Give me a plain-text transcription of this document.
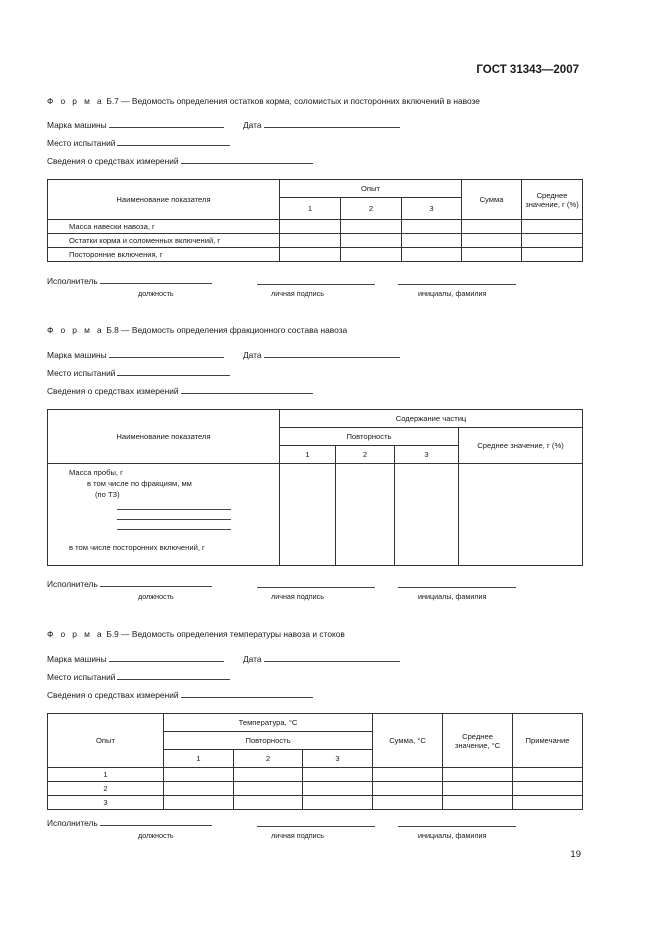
ГОСТ 31343—2007
Ф о р м а Б.7 — Ведомость определения остатков корма, соломистых и посторонних включений в навозе
Марка машины	Дата
Место испытаний
Сведения о средствах измерений
Наименование показателя	Опыт			Сумма	Среднее значение, г (%)
	1	2	3		
Масса навески навоза, г					
Остатки корма и соломенных включений, г					
Посторонние включения, г					
Исполнитель
должность	личная подпись	инициалы, фамилия
Ф о р м а Б.8 — Ведомость определения фракционного состава навоза
Марка машины	Дата
Место испытаний
Сведения о средствах измерений
Наименование показателя	Содержание частиц			
	Повторность			Среднее значение, г (%)
	1	2	3	

Масса пробы, г
в том числе по фракциям, мм
(по ТЗ)
в том числе посторонних включений, г				

Исполнитель
должность	личная подпись	инициалы, фамилия
Ф о р м а Б.9 — Ведомость определения температуры навоза и стоков
Марка машины	Дата
Место испытаний
Сведения о средствах измерений
Опыт	Температура, °С			Сумма, °С	Среднее значение, °С	Примечание
	Повторность					
	1	2	3			
1						
2						
3						
Исполнитель
должность	личная подпись	инициалы, фамилия
19
